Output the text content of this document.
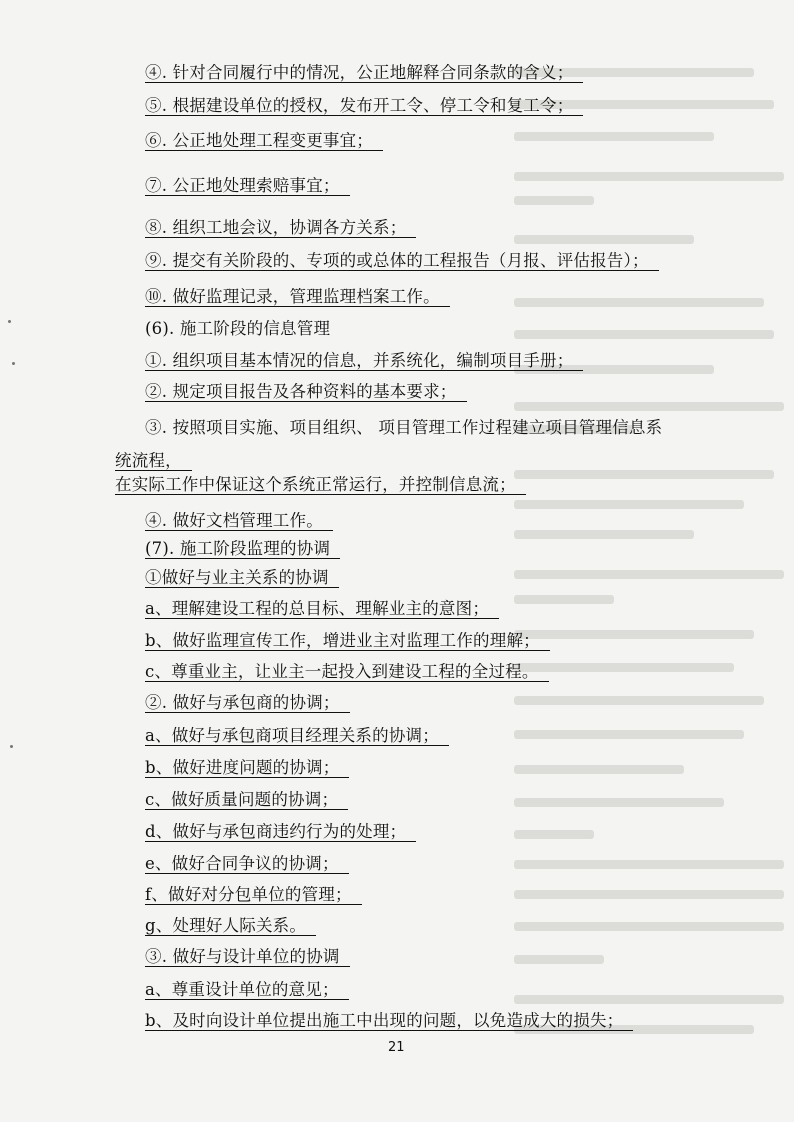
④. 针对合同履行中的情况，公正地解释合同条款的含义；
⑤. 根据建设单位的授权，发布开工令、停工令和复工令；
⑥. 公正地处理工程变更事宜；
⑦. 公正地处理索赔事宜；
⑧. 组织工地会议，协调各方关系；
⑨. 提交有关阶段的、专项的或总体的工程报告（月报、评估报告）；
⑩. 做好监理记录，管理监理档案工作。
(6). 施工阶段的信息管理
①. 组织项目基本情况的信息，并系统化，编制项目手册；
②. 规定项目报告及各种资料的基本要求；
③. 按照项目实施、项目组织、 项目管理工作过程建立项目管理信息系
统流程，
在实际工作中保证这个系统正常运行，并控制信息流；
④. 做好文档管理工作。
(7). 施工阶段监理的协调
①做好与业主关系的协调
a、理解建设工程的总目标、理解业主的意图；
b、做好监理宣传工作，增进业主对监理工作的理解；
c、尊重业主，让业主一起投入到建设工程的全过程。
②. 做好与承包商的协调；
a、做好与承包商项目经理关系的协调；
b、做好进度问题的协调；
c、做好质量问题的协调；
d、做好与承包商违约行为的处理；
e、做好合同争议的协调；
f、做好对分包单位的管理；
g、处理好人际关系。
③. 做好与设计单位的协调
a、尊重设计单位的意见；
b、及时向设计单位提出施工中出现的问题，以免造成大的损失；
21
